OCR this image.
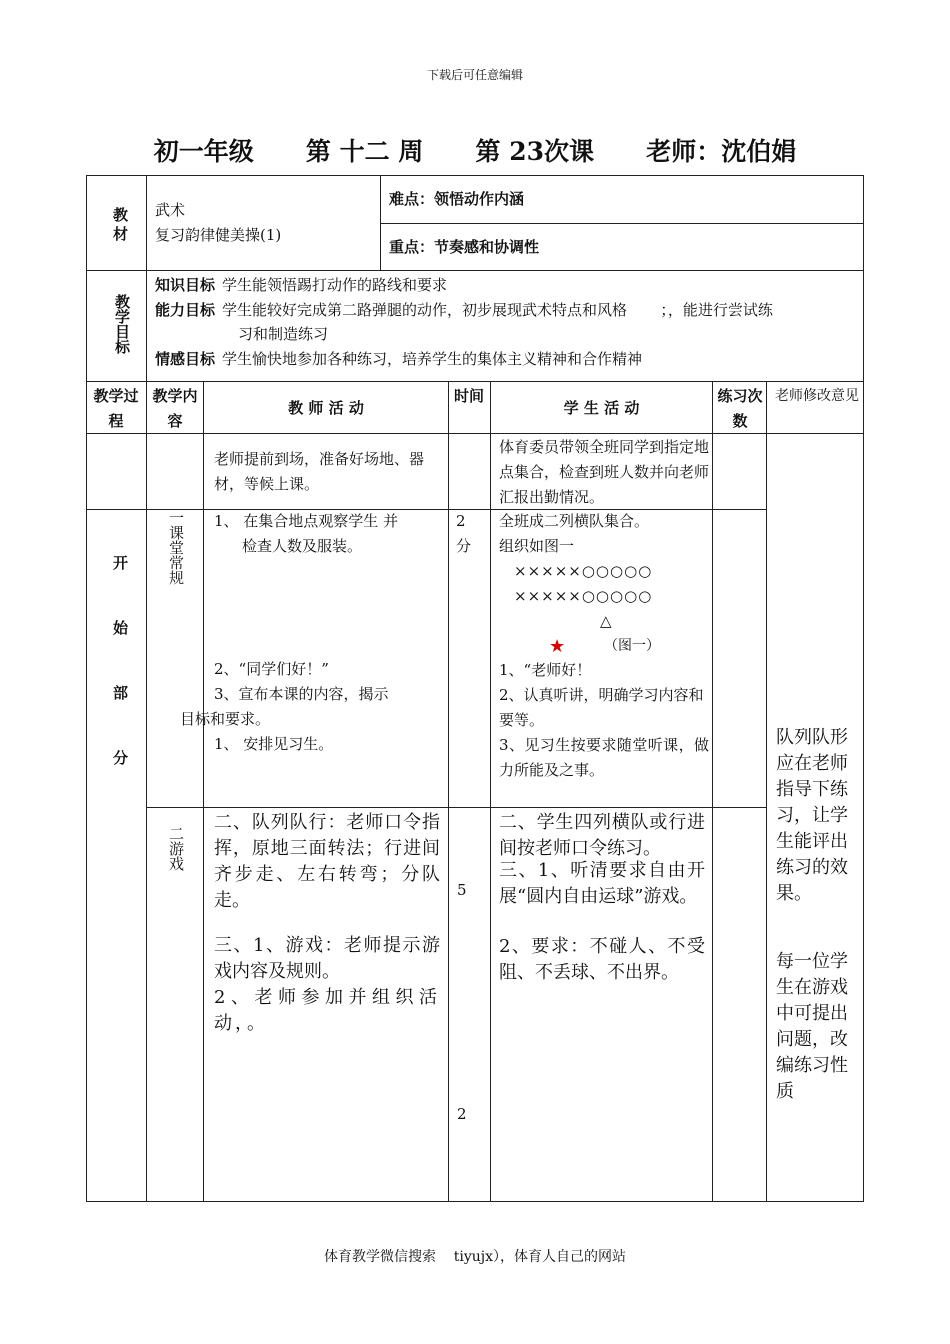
下载后可任意编辑
初一年级      第 十二 周      第 23次课      老师：沈伯娟
教材 武术
复习韵律健美操(1)
难点：领悟动作内涵
重点：节奏感和协调性
教学目标
知识目标 学生能领悟踢打动作的路线和要求
能力目标 学生能较好完成第二路弹腿的动作，初步展现武术特点和风格       ；，能进行尝试练
习和制造练习
情感目标 学生愉快地参加各种练习，培养学生的集体主义精神和合作精神
教学过程
教学内容
教 师 活 动
时间
学 生 活 动
练习次数
老师修改意见
老师提前到场，准备好场地、器材，等候上课。
体育委员带领全班同学到指定地点集合，检查到班人数并向老师汇报出勤情况。
开始部分
一课堂常规 1、 在集合地点观察学生 并
检查人数及服装。
2、“同学们好！”
3、宣布本课的内容，揭示
目标和要求。
1、 安排见习生。
2
分
全班成二列横队集合。
组织如图一
×××××○○○○○
×××××○○○○○
△
★	（图一）
1、“老师好！
2、认真听讲，明确学习内容和要等。
3、见习生按要求随堂听课，做力所能及之事。
二游戏
二、队列队行：老师口令指挥，原地三面转法；行进间齐步走、左右转弯；分队走。
三、1、游戏：老师提示游戏内容及规则。
2、老师参加并组织活动，。
5
2
二、学生四列横队或行进间按老师口令练习。
三、1、听清要求自由开展“圆内自由运球”游戏。
2、要求：不碰人、不受阻、不丢球、不出界。
队列队形应在老师指导下练习，让学生能评出练习的效果。
每一位学生在游戏中可提出问题，改编练习性质
体育教学微信搜索    tiyujx），体育人自己的网站
